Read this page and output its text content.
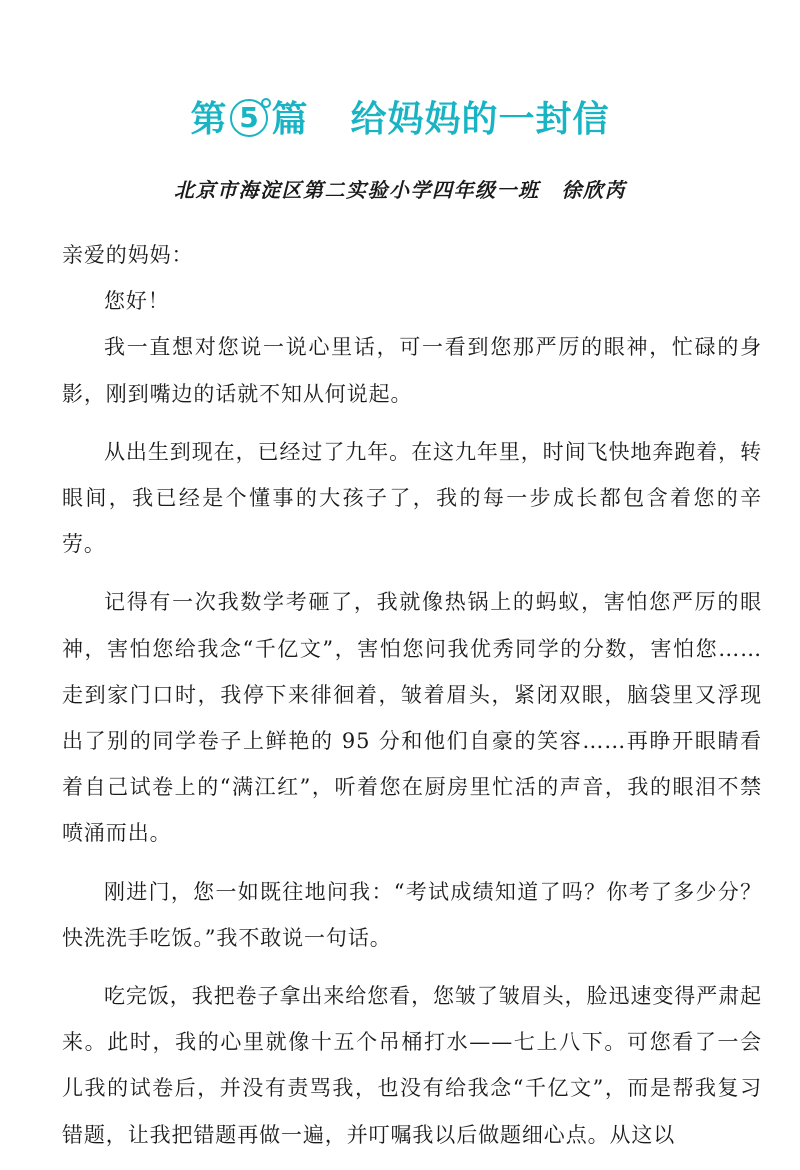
第 5 篇 给妈妈的一封信
北京市海淀区第二实验小学四年级一班 徐欣芮

亲爱的妈妈：

您好！

我一直想对您说一说心里话，可一看到您那严厉的眼神，忙碌的身影，刚到嘴边的话就不知从何说起。

从出生到现在，已经过了九年。在这九年里，时间飞快地奔跑着，转眼间，我已经是个懂事的大孩子了，我的每一步成长都包含着您的辛劳。

记得有一次我数学考砸了，我就像热锅上的蚂蚁，害怕您严厉的眼神，害怕您给我念“千亿文”，害怕您问我优秀同学的分数，害怕您……走到家门口时，我停下来徘徊着，皱着眉头，紧闭双眼，脑袋里又浮现出了别的同学卷子上鲜艳的 95 分和他们自豪的笑容……再睁开眼睛看着自己试卷上的“满江红”，听着您在厨房里忙活的声音，我的眼泪不禁喷涌而出。

刚进门，您一如既往地问我：“考试成绩知道了吗？你考了多少分？快洗洗手吃饭。”我不敢说一句话。

吃完饭，我把卷子拿出来给您看，您皱了皱眉头，脸迅速变得严肃起来。此时，我的心里就像十五个吊桶打水——七上八下。可您看了一会儿我的试卷后，并没有责骂我，也没有给我念“千亿文”，而是帮我复习错题，让我把错题再做一遍，并叮嘱我以后做题细心点。从这以
